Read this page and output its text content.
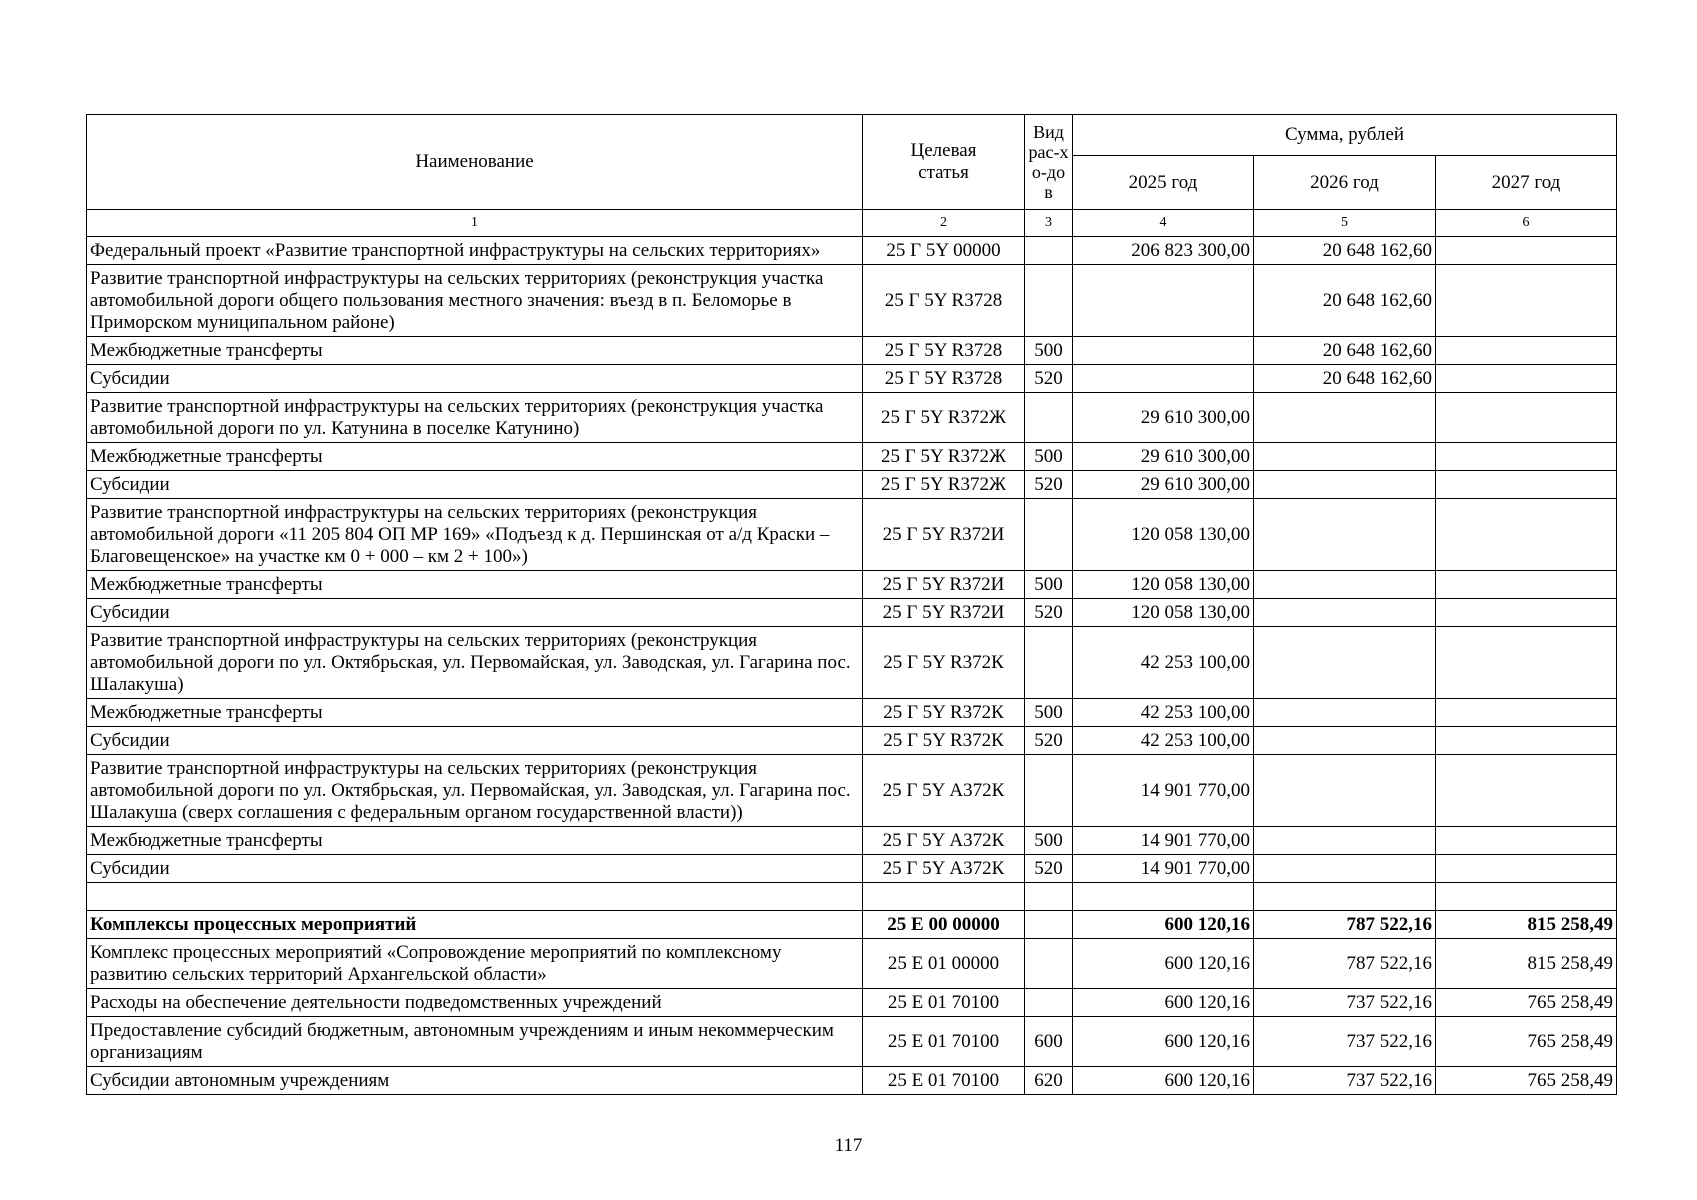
Наименование	Целевая статья	Вид рас-хо-дов	Сумма, рублей		
			2025 год	2026 год	2027 год
1	2	3	4	5	6
Федеральный проект «Развитие транспортной инфраструктуры на сельских территориях»	25 Г 5Y 00000		206 823 300,00	20 648 162,60	
Развитие транспортной инфраструктуры на сельских территориях (реконструкция участка автомобильной дороги общего пользования местного значения: въезд в п. Беломорье в Приморском муниципальном районе)	25 Г 5Y R3728			20 648 162,60	
Межбюджетные трансферты	25 Г 5Y R3728	500		20 648 162,60	
Субсидии	25 Г 5Y R3728	520		20 648 162,60	
Развитие транспортной инфраструктуры на сельских территориях (реконструкция участка автомобильной дороги по ул. Катунина в поселке Катунино)	25 Г 5Y R372Ж		29 610 300,00		
Межбюджетные трансферты	25 Г 5Y R372Ж	500	29 610 300,00		
Субсидии	25 Г 5Y R372Ж	520	29 610 300,00		
Развитие транспортной инфраструктуры на сельских территориях (реконструкция автомобильной дороги «11 205 804 ОП МР 169» «Подъезд к д. Першинская от а/д Краски – Благовещенское» на участке км 0 + 000 – км 2 + 100»)	25 Г 5Y R372И		120 058 130,00		
Межбюджетные трансферты	25 Г 5Y R372И	500	120 058 130,00		
Субсидии	25 Г 5Y R372И	520	120 058 130,00		
Развитие транспортной инфраструктуры на сельских территориях (реконструкция автомобильной дороги по ул. Октябрьская, ул. Первомайская, ул. Заводская, ул. Гагарина пос. Шалакуша)	25 Г 5Y R372К		42 253 100,00		
Межбюджетные трансферты	25 Г 5Y R372К	500	42 253 100,00		
Субсидии	25 Г 5Y R372К	520	42 253 100,00		
Развитие транспортной инфраструктуры на сельских территориях (реконструкция автомобильной дороги по ул. Октябрьская, ул. Первомайская, ул. Заводская, ул. Гагарина пос. Шалакуша (сверх соглашения с федеральным органом государственной власти))	25 Г 5Y А372К		14 901 770,00		
Межбюджетные трансферты	25 Г 5Y А372К	500	14 901 770,00		
Субсидии	25 Г 5Y А372К	520	14 901 770,00		

Комплексы процессных мероприятий	25 Е 00 00000		600 120,16	787 522,16	815 258,49
Комплекс процессных мероприятий «Сопровождение мероприятий по комплексному развитию сельских территорий Архангельской области»	25 Е 01 00000		600 120,16	787 522,16	815 258,49
Расходы на обеспечение деятельности подведомственных учреждений	25 Е 01 70100		600 120,16	737 522,16	765 258,49
Предоставление субсидий бюджетным, автономным учреждениям и иным некоммерческим организациям	25 Е 01 70100	600	600 120,16	737 522,16	765 258,49
Субсидии автономным учреждениям	25 Е 01 70100	620	600 120,16	737 522,16	765 258,49
117
